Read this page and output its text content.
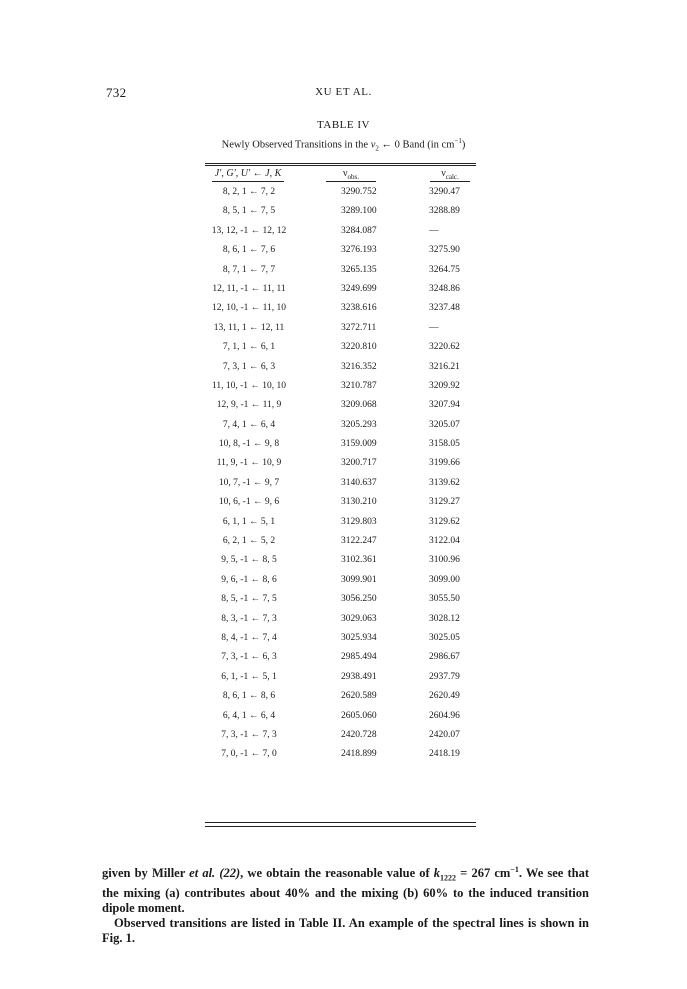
732	XU ET AL.
TABLE IV
Newly Observed Transitions in the $\nu_2$ ← 0 Band (in $cm^{-1}$)
J′, G′, U′ ← J, K	$\nu_{obs.}$	$\nu_{calc.}$
8, 2, 1 ← 7, 2	3290.752	3290.47
8, 5, 1 ← 7, 5	3289.100	3288.89
13, 12, -1 ← 12, 12	3284.087	—
8, 6, 1 ← 7, 6	3276.193	3275.90
8, 7, 1 ← 7, 7	3265.135	3264.75
12, 11, -1 ← 11, 11	3249.699	3248.86
12, 10, -1 ← 11, 10	3238.616	3237.48
13, 11, 1 ← 12, 11	3272.711	—
7, 1, 1 ← 6, 1	3220.810	3220.62
7, 3, 1 ← 6, 3	3216.352	3216.21
11, 10, -1 ← 10, 10	3210.787	3209.92
12, 9, -1 ← 11, 9	3209.068	3207.94
7, 4, 1 ← 6, 4	3205.293	3205.07
10, 8, -1 ← 9, 8	3159.009	3158.05
11, 9, -1 ← 10, 9	3200.717	3199.66
10, 7, -1 ← 9, 7	3140.637	3139.62
10, 6, -1 ← 9, 6	3130.210	3129.27
6, 1, 1 ← 5, 1	3129.803	3129.62
6, 2, 1 ← 5, 2	3122.247	3122.04
9, 5, -1 ← 8, 5	3102.361	3100.96
9, 6, -1 ← 8, 6	3099.901	3099.00
8, 5, -1 ← 7, 5	3056.250	3055.50
8, 3, -1 ← 7, 3	3029.063	3028.12
8, 4, -1 ← 7, 4	3025.934	3025.05
7, 3, -1 ← 6, 3	2985.494	2986.67
6, 1, -1 ← 5, 1	2938.491	2937.79
8, 6, 1 ← 8, 6	2620.589	2620.49
6, 4, 1 ← 6, 4	2605.060	2604.96
7, 3, -1 ← 7, 3	2420.728	2420.07
7, 0, -1 ← 7, 0	2418.899	2418.19

given by Miller et al. (22), we obtain the reasonable value of $k_{1222} = 267$ $cm^{-1}$. We see that the mixing (a) contributes about 40% and the mixing (b) 60% to the induced transition dipole moment.

Observed transitions are listed in Table II. An example of the spectral lines is shown in Fig. 1.
